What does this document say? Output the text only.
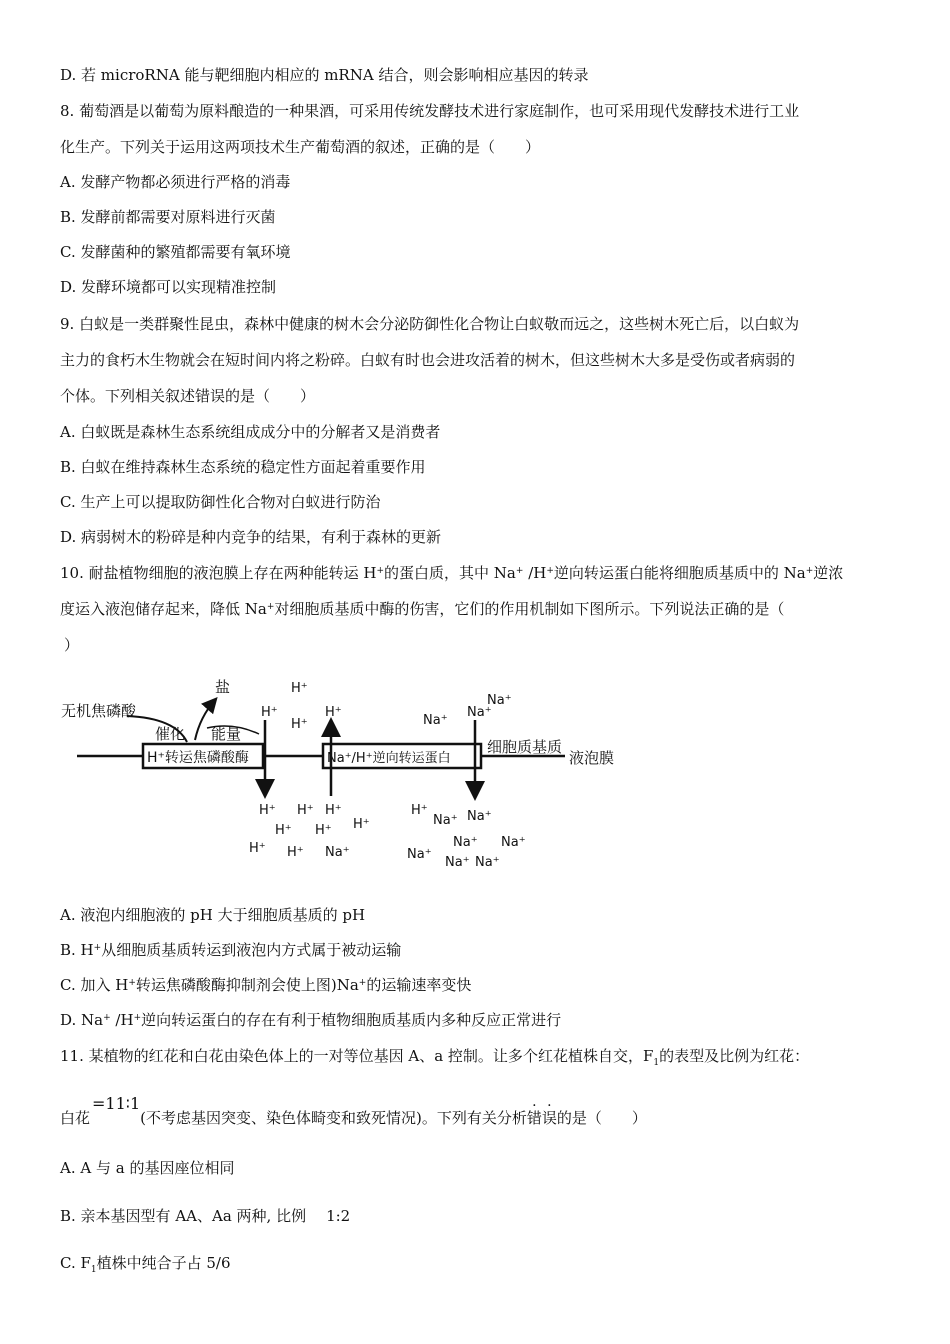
D. 若 microRNA 能与靶细胞内相应的 mRNA 结合，则会影响相应基因的转录
8. 葡萄酒是以葡萄为原料酿造的一种果酒，可采用传统发酵技术进行家庭制作，也可采用现代发酵技术进行工业
化生产。下列关于运用这两项技术生产葡萄酒的叙述，正确的是（　　）
A. 发酵产物都必须进行严格的消毒
B. 发酵前都需要对原料进行灭菌
C. 发酵菌种的繁殖都需要有氧环境
D. 发酵环境都可以实现精准控制
9. 白蚁是一类群聚性昆虫，森林中健康的树木会分泌防御性化合物让白蚁敬而远之，这些树木死亡后，以白蚁为
主力的食朽木生物就会在短时间内将之粉碎。白蚁有时也会进攻活着的树木，但这些树木大多是受伤或者病弱的
个体。下列相关叙述错误的是（　　）
A. 白蚁既是森林生态系统组成成分中的分解者又是消费者
B. 白蚁在维持森林生态系统的稳定性方面起着重要作用
C. 生产上可以提取防御性化合物对白蚁进行防治
D. 病弱树木的粉碎是种内竞争的结果，有利于森林的更新
10. 耐盐植物细胞的液泡膜上存在两种能转运 H+的蛋白质，其中 Na+ /H+逆向转运蛋白能将细胞质基质中的 Na+逆浓
度运入液泡储存起来，降低 Na+对细胞质基质中酶的伤害，它们的作用机制如下图所示。下列说法正确的是（
）
H⁺转运焦磷酸酶	Na⁺/H⁺逆向转运蛋白
无机焦磷酸
盐
催化 能量
细胞质基质
液泡膜
H⁺
H⁺
H⁺	H⁺
Na⁺
Na⁺
Na⁺
H⁺ H⁺ H⁺
H⁺ H⁺ H⁺
H⁺ H⁺ Na⁺
H⁺
Na⁺ Na⁺
Na⁺ Na⁺
Na⁺
Na⁺ Na⁺
A. 液泡内细胞液的 pH 大于细胞质基质的 pH
B. H+从细胞质基质转运到液泡内方式属于被动运输
C. 加入 H+转运焦磷酸酶抑制剂会使上图)Na+的运输速率变快
D. Na+ /H+逆向转运蛋白的存在有利于植物细胞质基质内多种反应正常进行
11. 某植物的红花和白花由染色体上的一对等位基因 A、a 控制。让多个红花植株自交，$F_1$的表型及比例为红花：
白花=11∶1(不考虑基因突变、染色体畸变和致死情况)。下列有关分析错误的是（　　）
A. A 与 a 的基因座位相同
B. 亲本基因型有 AA、Aa 两种, 比例 1:2
C. $F_1$植株中纯合子占 5/6
